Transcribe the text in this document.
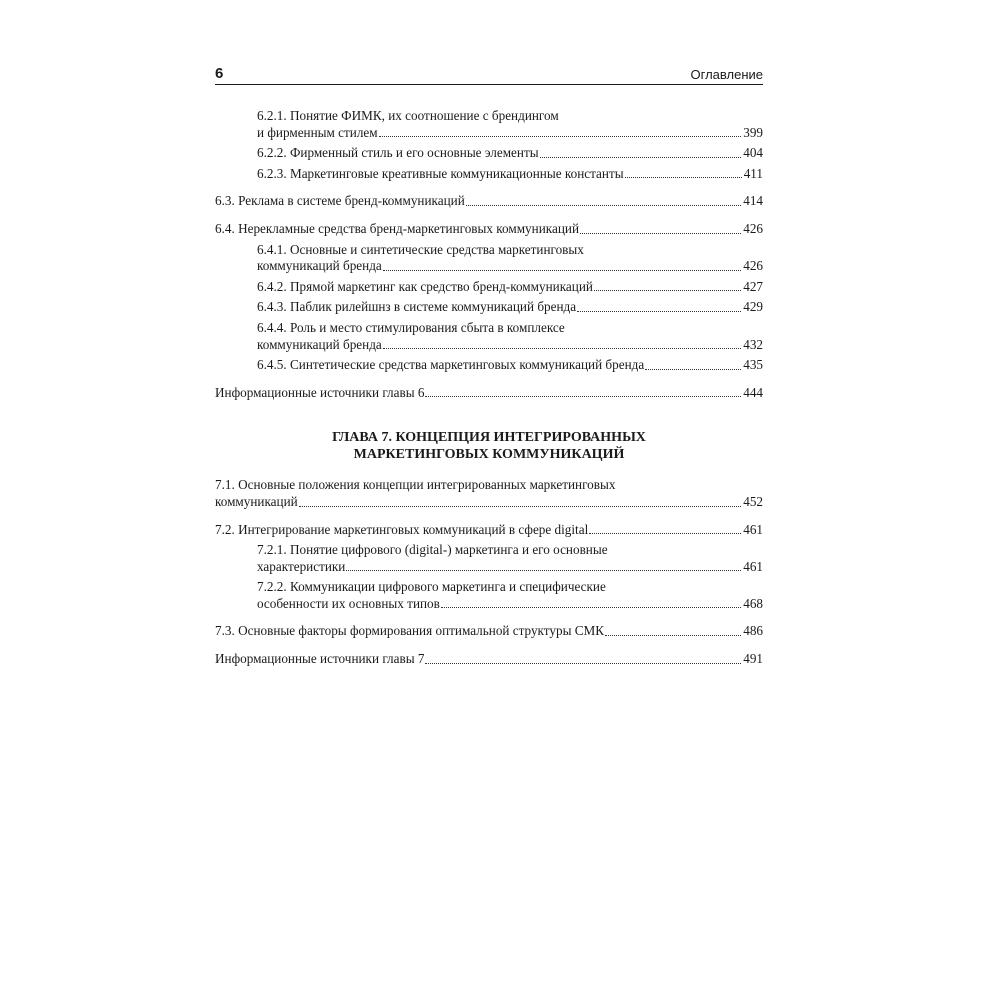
6	Оглавление
6.2.1. Понятие ФИМК, их соотношение с брендингом
и фирменным стилем	399
6.2.2. Фирменный стиль и его основные элементы	404
6.2.3. Маркетинговые креативные коммуникационные константы	411
6.3. Реклама в системе бренд-коммуникаций	414
6.4. Нерекламные средства бренд-маркетинговых коммуникаций	426
6.4.1. Основные и синтетические средства маркетинговых
коммуникаций бренда	426
6.4.2. Прямой маркетинг как средство бренд-коммуникаций	427
6.4.3. Паблик рилейшнз в системе коммуникаций бренда	429
6.4.4. Роль и место стимулирования сбыта в комплексе
коммуникаций бренда	432
6.4.5. Синтетические средства маркетинговых коммуникаций бренда	435
Информационные источники главы 6	444
ГЛАВА 7. КОНЦЕПЦИЯ ИНТЕГРИРОВАННЫХ
МАРКЕТИНГОВЫХ КОММУНИКАЦИЙ
7.1. Основные положения концепции интегрированных маркетинговых
коммуникаций	452
7.2. Интегрирование маркетинговых коммуникаций в сфере digital	461
7.2.1. Понятие цифрового (digital-) маркетинга и его основные
характеристики	461
7.2.2. Коммуникации цифрового маркетинга и специфические
особенности их основных типов	468
7.3. Основные факторы формирования оптимальной структуры СМК	486
Информационные источники главы 7	491
